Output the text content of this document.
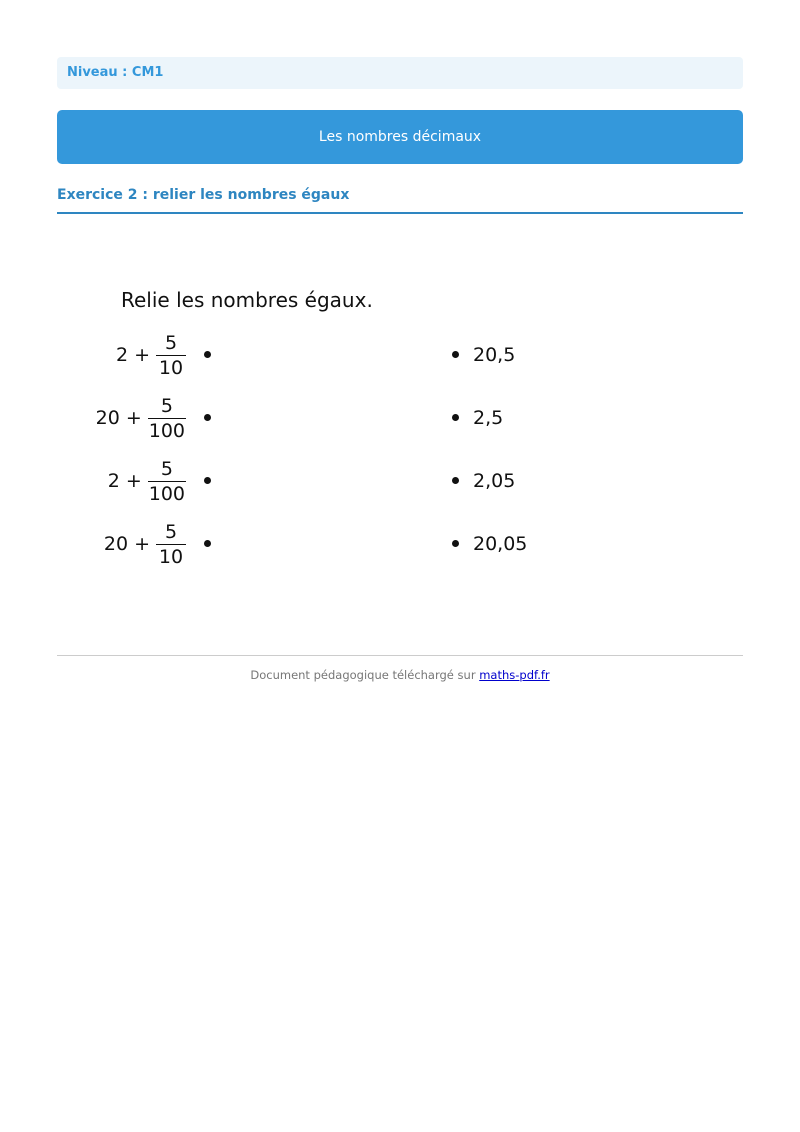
Niveau : CM1
Les nombres décimaux
Exercice 2 : relier les nombres égaux
Relie les nombres égaux.
$2 + \frac{5}{10}$	20,5
$20 + \frac{5}{100}$	2,5
$2 + \frac{5}{100}$	2,05
$20 + \frac{5}{10}$	20,05
Document pédagogique téléchargé sur maths-pdf.fr
